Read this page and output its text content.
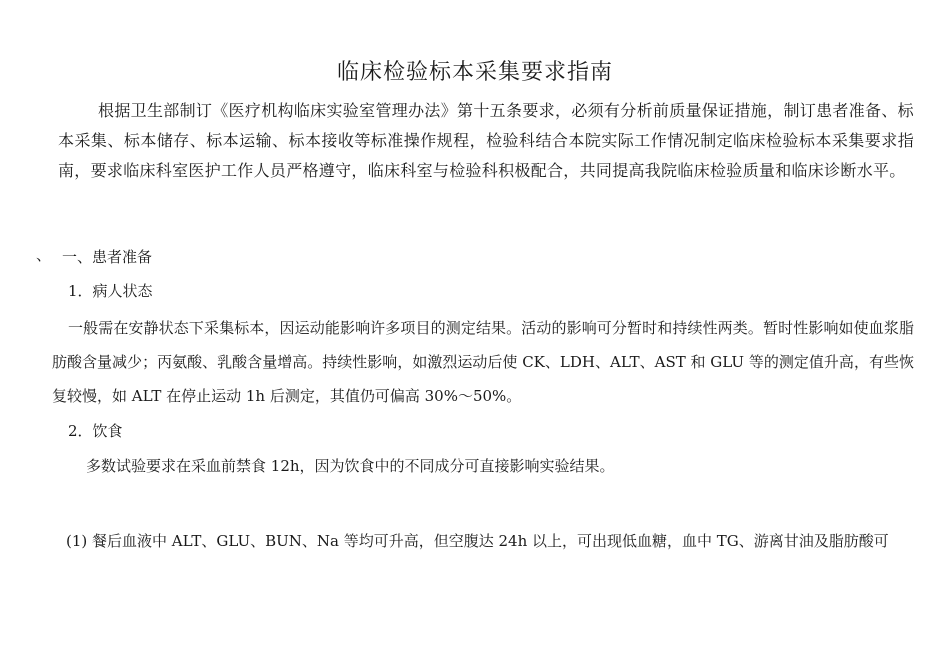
临床检验标本采集要求指南
根据卫生部制订《医疗机构临床实验室管理办法》第十五条要求，必须有分析前质量保证措施，制订患者准备、标本采集、标本储存、标本运输、标本接收等标准操作规程，检验科结合本院实际工作情况制定临床检验标本采集要求指南，要求临床科室医护工作人员严格遵守，临床科室与检验科积极配合，共同提高我院临床检验质量和临床诊断水平。
、 一、患者准备
1．病人状态
一般需在安静状态下采集标本，因运动能影响许多项目的测定结果。活动的影响可分暂时和持续性两类。暂时性影响如使血浆脂肪酸含量减少；丙氨酸、乳酸含量增高。持续性影响，如激烈运动后使 CK、LDH、ALT、AST 和 GLU 等的测定值升高，有些恢复较慢，如 ALT 在停止运动 1h 后测定，其值仍可偏高 30%～50%。
2．饮食
多数试验要求在采血前禁食 12h，因为饮食中的不同成分可直接影响实验结果。
(1) 餐后血液中 ALT、GLU、BUN、Na 等均可升高，但空腹达 24h 以上，可出现低血糖，血中 TG、游离甘油及脂肪酸可
